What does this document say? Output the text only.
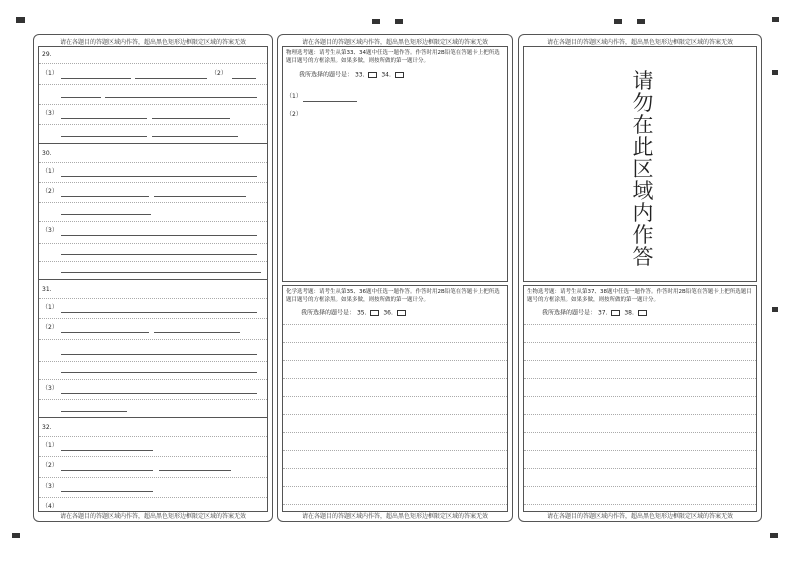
请在各题目的答题区域内作答，超出黑色矩形边框限定区域的答案无效
29.
（1）	（2）
（3）
30.
（1）
（2）
（3）
31.
（1）
（2）
（3）
32.
（1）
（2）
（3）
（4）
请在各题目的答题区域内作答，超出黑色矩形边框限定区域的答案无效
请在各题目的答题区域内作答，超出黑色矩形边框限定区域的答案无效
物理选考题：请考生从第33、34题中任选一题作答。作答时用2B铅笔在答题卡上把所选题目题号的方框涂黑。如果多做，则按所做的第一题计分。
我所选择的题号是： 33.	34.
（1）
（2）
化学选考题：请考生从第35、36题中任选一题作答。作答时用2B铅笔在答题卡上把所选题目题号的方框涂黑。如果多做，则按所做的第一题计分。
我所选择的题号是： 35.	36.
请在各题目的答题区域内作答，超出黑色矩形边框限定区域的答案无效
请在各题目的答题区域内作答，超出黑色矩形边框限定区域的答案无效
请
勿
在
此
区
域
内
作
答
生物选考题：请考生从第37、38题中任选一题作答。作答时用2B铅笔在答题卡上把所选题目题号的方框涂黑。如果多做，则按所做的第一题计分。
我所选择的题号是： 37.	38.
请在各题目的答题区域内作答，超出黑色矩形边框限定区域的答案无效
